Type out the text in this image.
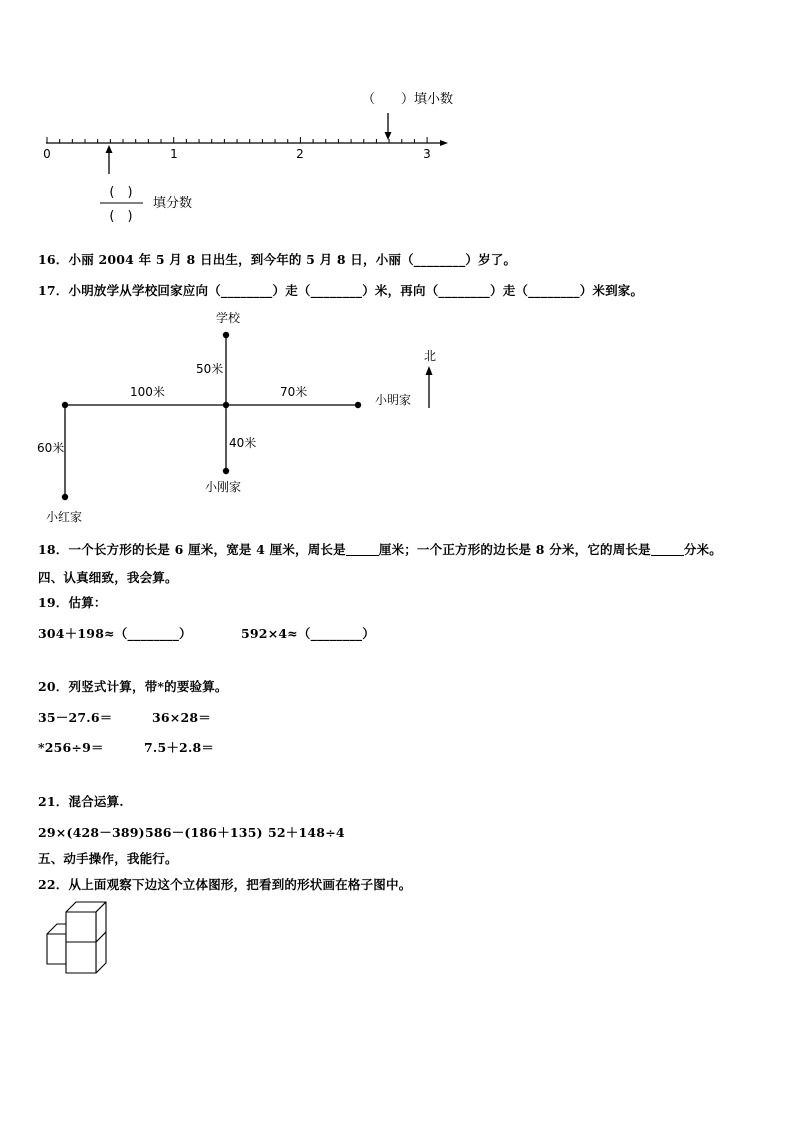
0	1	2	3
（　　）填小数
(　)
(　)
填分数
16．小丽 2004 年 5 月 8 日出生，到今年的 5 月 8 日，小丽（________）岁了。
17．小明放学从学校回家应向（________）走（________）米，再向（________）走（________）米到家。
学校
50米
100米	70米
小明家
40米
60米
小刚家
小红家
北
18．一个长方形的长是 6 厘米，宽是 4 厘米，周长是	厘米；一个正方形的边长是 8 分米，它的周长是	分米。
四、认真细致，我会算。
19．估算：
304＋198≈（________）	592×4≈（________）
20．列竖式计算，带*的要验算。
35－27.6＝	36×28＝
*256÷9＝	7.5＋2.8＝
21．混合运算.
29×(428－389) 586－(186＋135) 52＋148÷4
五、动手操作，我能行。
22．从上面观察下边这个立体图形，把看到的形状画在格子图中。
